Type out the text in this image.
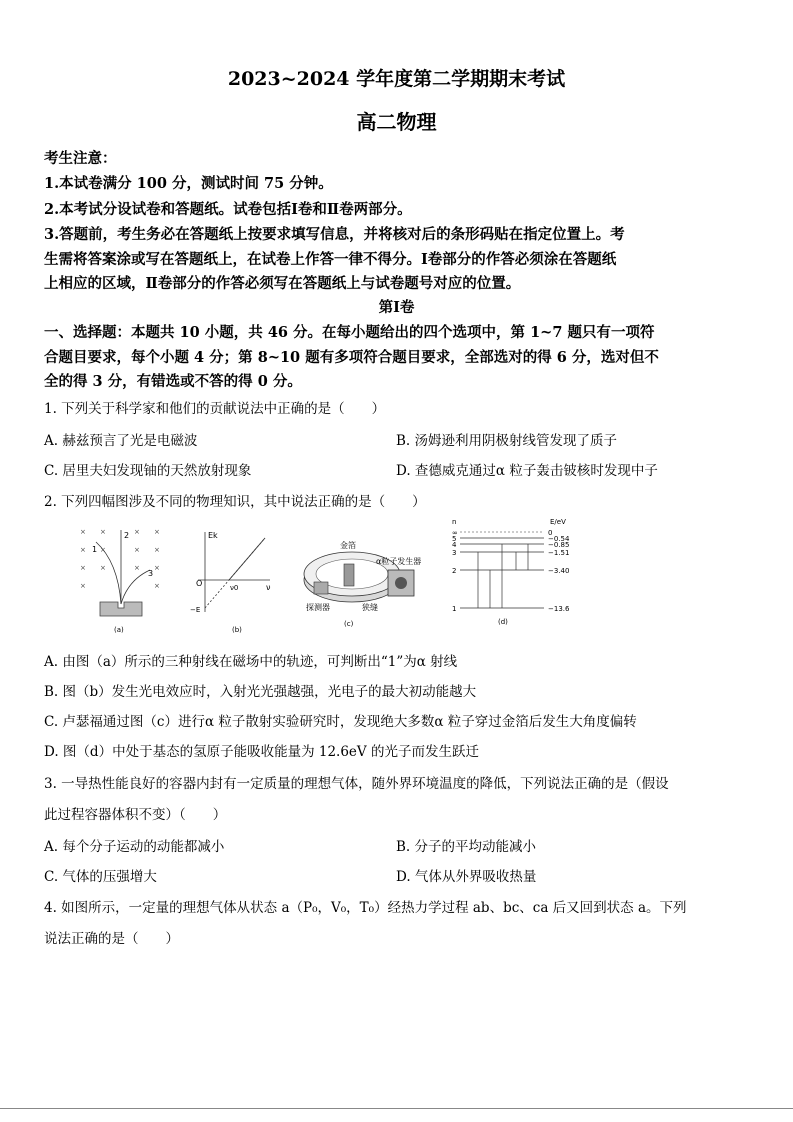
2023~2024 学年度第二学期期末考试
高二物理
考生注意：
1.本试卷满分 100 分，测试时间 75 分钟。
2.本考试分设试卷和答题纸。试卷包括Ⅰ卷和Ⅱ卷两部分。
3.答题前，考生务必在答题纸上按要求填写信息，并将核对后的条形码贴在指定位置上。考
生需将答案涂或写在答题纸上，在试卷上作答一律不得分。Ⅰ卷部分的作答必须涂在答题纸
上相应的区域，Ⅱ卷部分的作答必须写在答题纸上与试卷题号对应的位置。
第Ⅰ卷
一、选择题：本题共 10 小题，共 46 分。在每小题给出的四个选项中，第 1~7 题只有一项符
合题目要求，每个小题 4 分；第 8~10 题有多项符合题目要求，全部选对的得 6 分，选对但不
全的得 3 分，有错选或不答的得 0 分。
1. 下列关于科学家和他们的贡献说法中正确的是（　　）
A. 赫兹预言了光是电磁波	B. 汤姆逊利用阴极射线管发现了质子
C. 居里夫妇发现铀的天然放射现象	D. 查德威克通过α 粒子轰击铍核时发现中子
2. 下列四幅图涉及不同的物理知识，其中说法正确的是（　　）
×
×
×
×
×
×
×
×
×
×
×
×
×
×
1
2
3
(a)
Ek
ν
O	ν0
−E
(b)
金箔
α粒子发生器
探测器	狭缝
(c)
n	E/eV
∞
5
4
3
2
1
0
−0.54
−0.85
−1.51
−3.40
−13.6
(d)
A. 由图（a）所示的三种射线在磁场中的轨迹，可判断出“1”为α 射线
B. 图（b）发生光电效应时，入射光光强越强，光电子的最大初动能越大
C. 卢瑟福通过图（c）进行α 粒子散射实验研究时，发现绝大多数α 粒子穿过金箔后发生大角度偏转
D. 图（d）中处于基态的氢原子能吸收能量为 12.6eV 的光子而发生跃迁
3. 一导热性能良好的容器内封有一定质量的理想气体，随外界环境温度的降低，下列说法正确的是（假设
此过程容器体积不变）（　　）
A. 每个分子运动的动能都减小	B. 分子的平均动能减小
C. 气体的压强增大	D. 气体从外界吸收热量
4. 如图所示，一定量的理想气体从状态 a（P₀，V₀，T₀）经热力学过程 ab、bc、ca 后又回到状态 a。下列
说法正确的是（　　）
